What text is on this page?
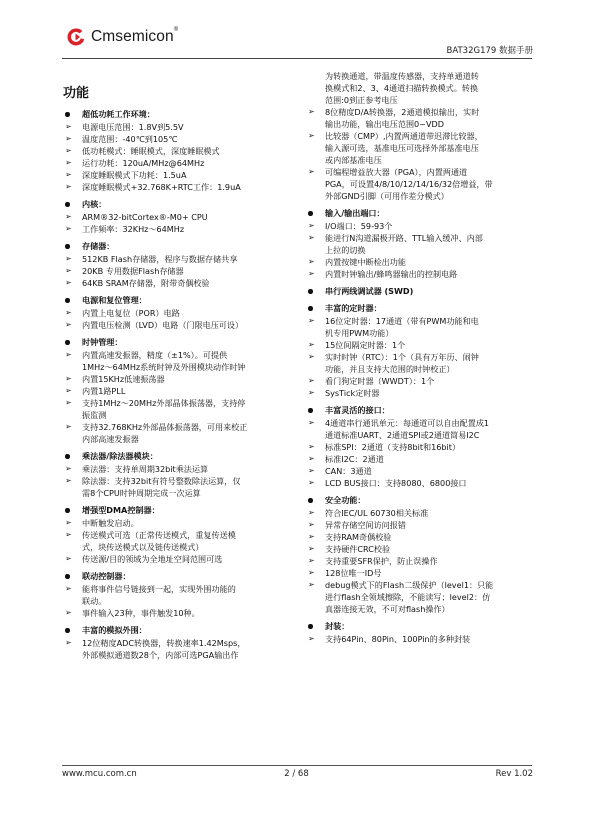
Cmsemicon®
BAT32G179 数据手册
功能
超低功耗工作环境：
➢ 电源电压范围：1.8V到5.5V
➢ 温度范围：-40℃到105℃
➢ 低功耗模式：睡眠模式，深度睡眠模式
➢ 运行功耗：120uA/MHz@64MHz
➢ 深度睡眠模式下功耗：1.5uA
➢ 深度睡眠模式+32.768K+RTC工作：1.9uA
内核：
➢ ARM®32-bitCortex®-M0+ CPU
➢ 工作频率：32KHz～64MHz
存储器：
➢ 512KB Flash存储器，程序与数据存储共享
➢ 20KB 专用数据Flash存储器
➢ 64KB SRAM存储器，附带奇偶校验
电源和复位管理：
➢ 内置上电复位（POR）电路
➢ 内置电压检测（LVD）电路（门限电压可设）
时钟管理：
➢ 内置高速发振器，精度（±1%）。可提供
1MHz～64MHz系统时钟及外围模块动作时钟
➢ 内置15KHz低速振荡器
➢ 内置1路PLL
➢ 支持1MHz～20MHz外部晶体振荡器，支持停
振监测
➢ 支持32.768KHz外部晶体振荡器，可用来校正
内部高速发振器
乘法器/除法器模块：
➢ 乘法器：支持单周期32bit乘法运算
➢ 除法器：支持32bit有符号整数除法运算，仅
需8个CPU时钟周期完成一次运算
增强型DMA控制器：
➢ 中断触发启动。
➢ 传送模式可选（正常传送模式，重复传送模
式，块传送模式以及链传送模式）
➢ 传送源/目的领域为全地址空间范围可选
联动控制器：
➢ 能将事件信号链接到一起，实现外围功能的
联动。
➢ 事件输入23种，事件触发10种。
丰富的模拟外围：
➢ 12位精度ADC转换器，转换速率1.42Msps，
外部模拟通道数28个，内部可选PGA输出作
为转换通道，带温度传感器，支持单通道转
换模式和2、3、4通道扫描转换模式。转换
范围:0到正参考电压
➢ 8位精度D/A转换器，2通道模拟输出，实时
输出功能，输出电压范围0~VDD
➢ 比较器（CMP）,内置两通道带迟滞比较器，
输入源可选，基准电压可选择外部基准电压
或内部基准电压
➢ 可编程增益放大器（PGA），内置两通道
PGA，可设置4/8/10/12/14/16/32倍增益，带
外部GND引脚（可用作差分模式）
输入/输出端口：
➢ I/O端口：59-93个
➢ 能进行N沟道漏极开路、TTL输入缓冲、内部
上拉的切换
➢ 内置按键中断检出功能
➢ 内置时钟输出/蜂鸣器输出的控制电路
串行两线调试器 (SWD)
丰富的定时器：
➢ 16位定时器：17通道（带有PWM功能和电
机专用PWM功能）
➢ 15位间隔定时器：1个
➢ 实时时钟（RTC）：1个（具有万年历、闹钟
功能，并且支持大范围的时钟校正）
➢ 看门狗定时器（WWDT）：1个
➢ SysTick定时器
丰富灵活的接口：
➢ 4通道串行通讯单元：每通道可以自由配置成1
通道标准UART、2通道SPI或2通道简易I2C
➢ 标准SPI：2通道（支持8bit和16bit）
➢ 标准I2C：2通道
➢ CAN：3通道
➢ LCD BUS接口：支持8080、6800接口
安全功能：
➢ 符合IEC/UL 60730相关标准
➢ 异常存储空间访问报错
➢ 支持RAM奇偶校验
➢ 支持硬件CRC校验
➢ 支持重要SFR保护，防止误操作
➢ 128位唯一ID号
➢ debug模式下的Flash二级保护（level1：只能
进行flash全领域擦除，不能读写；level2：仿
真器连接无效，不可对flash操作）
封装：
➢ 支持64Pin、80Pin、100Pin的多种封装
www.mcu.com.cn	2 / 68	Rev 1.02
